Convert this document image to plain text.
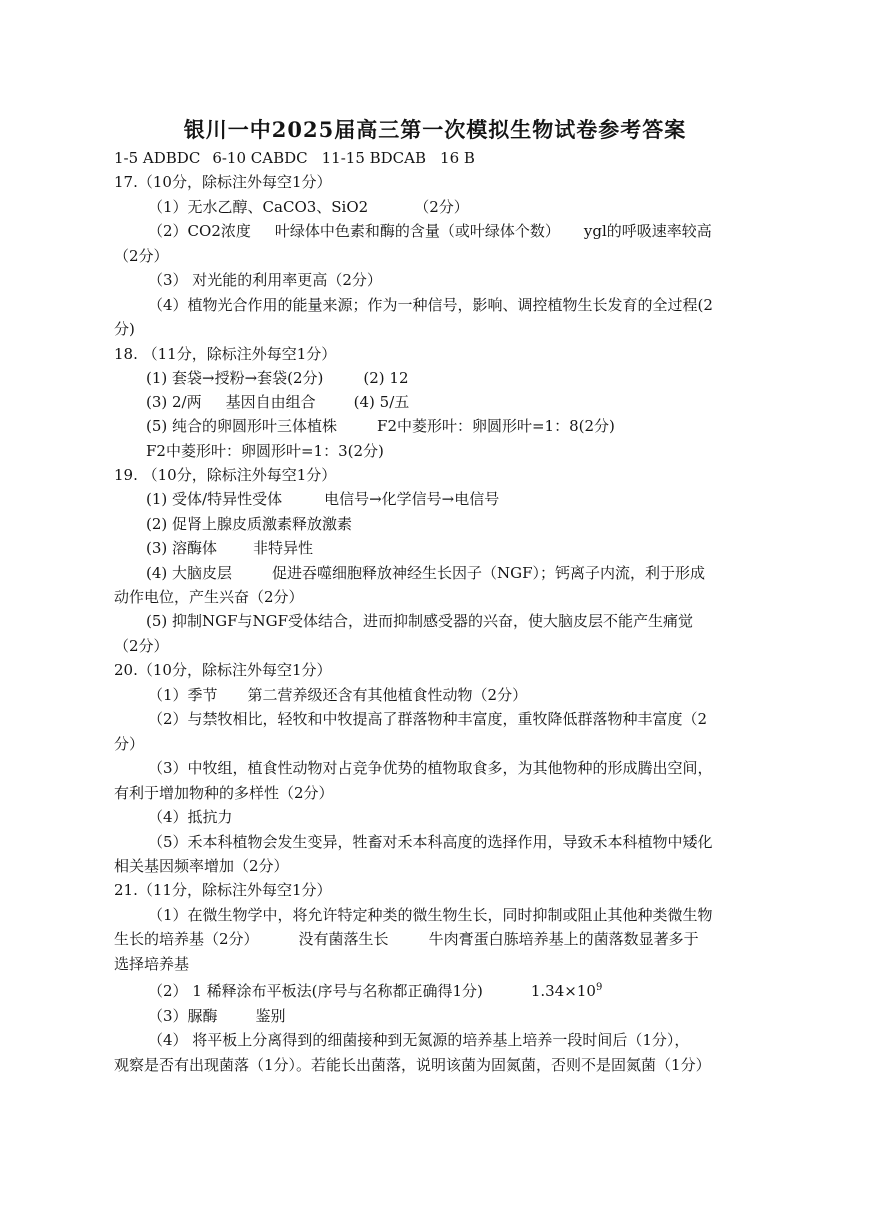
银川一中2025届高三第一次模拟生物试卷参考答案
1-5 ADBDC 6-10 CABDC 11-15 BDCAB 16 B
17.（10分，除标注外每空1分）
（1）无水乙醇、CaCO3、SiO2	（2分）
（2）CO2浓度 叶绿体中色素和酶的含量（或叶绿体个数） ygl的呼吸速率较高
（2分）
（3） 对光能的利用率更高（2分）
（4）植物光合作用的能量来源；作为一种信号，影响、调控植物生长发育的全过程(2
分)
18. （11分，除标注外每空1分）
(1) 套袋→授粉→套袋(2分)	(2) 12
(3) 2/两 基因自由组合	(4) 5/五
(5) 纯合的卵圆形叶三体植株	F2中菱形叶：卵圆形叶=1：8(2分)
F2中菱形叶：卵圆形叶=1：3(2分)
19. （10分，除标注外每空1分）
(1) 受体/特异性受体	电信号→化学信号→电信号
(2) 促肾上腺皮质激素释放激素
(3) 溶酶体 非特异性
(4) 大脑皮层	促进吞噬细胞释放神经生长因子（NGF）；钙离子内流，利于形成
动作电位，产生兴奋（2分）
(5) 抑制NGF与NGF受体结合，进而抑制感受器的兴奋，使大脑皮层不能产生痛觉
（2分）
20.（10分，除标注外每空1分）
（1）季节 第二营养级还含有其他植食性动物（2分）
（2）与禁牧相比，轻牧和中牧提高了群落物种丰富度，重牧降低群落物种丰富度（2
分）
（3）中牧组，植食性动物对占竞争优势的植物取食多，为其他物种的形成腾出空间，
有利于增加物种的多样性（2分）
（4）抵抗力
（5）禾本科植物会发生变异，牲畜对禾本科高度的选择作用，导致禾本科植物中矮化
相关基因频率增加（2分）
21.（11分，除标注外每空1分）
（1）在微生物学中，将允许特定种类的微生物生长，同时抑制或阻止其他种类微生物
生长的培养基（2分）	没有菌落生长	牛肉膏蛋白胨培养基上的菌落数显著多于
选择培养基
（2） 1 稀释涂布平板法(序号与名称都正确得1分)	$1.34\times 10^9$
（3）脲酶	鉴别
（4） 将平板上分离得到的细菌接种到无氮源的培养基上培养一段时间后（1分），
观察是否有出现菌落（1分）。若能长出菌落，说明该菌为固氮菌，否则不是固氮菌（1分）
